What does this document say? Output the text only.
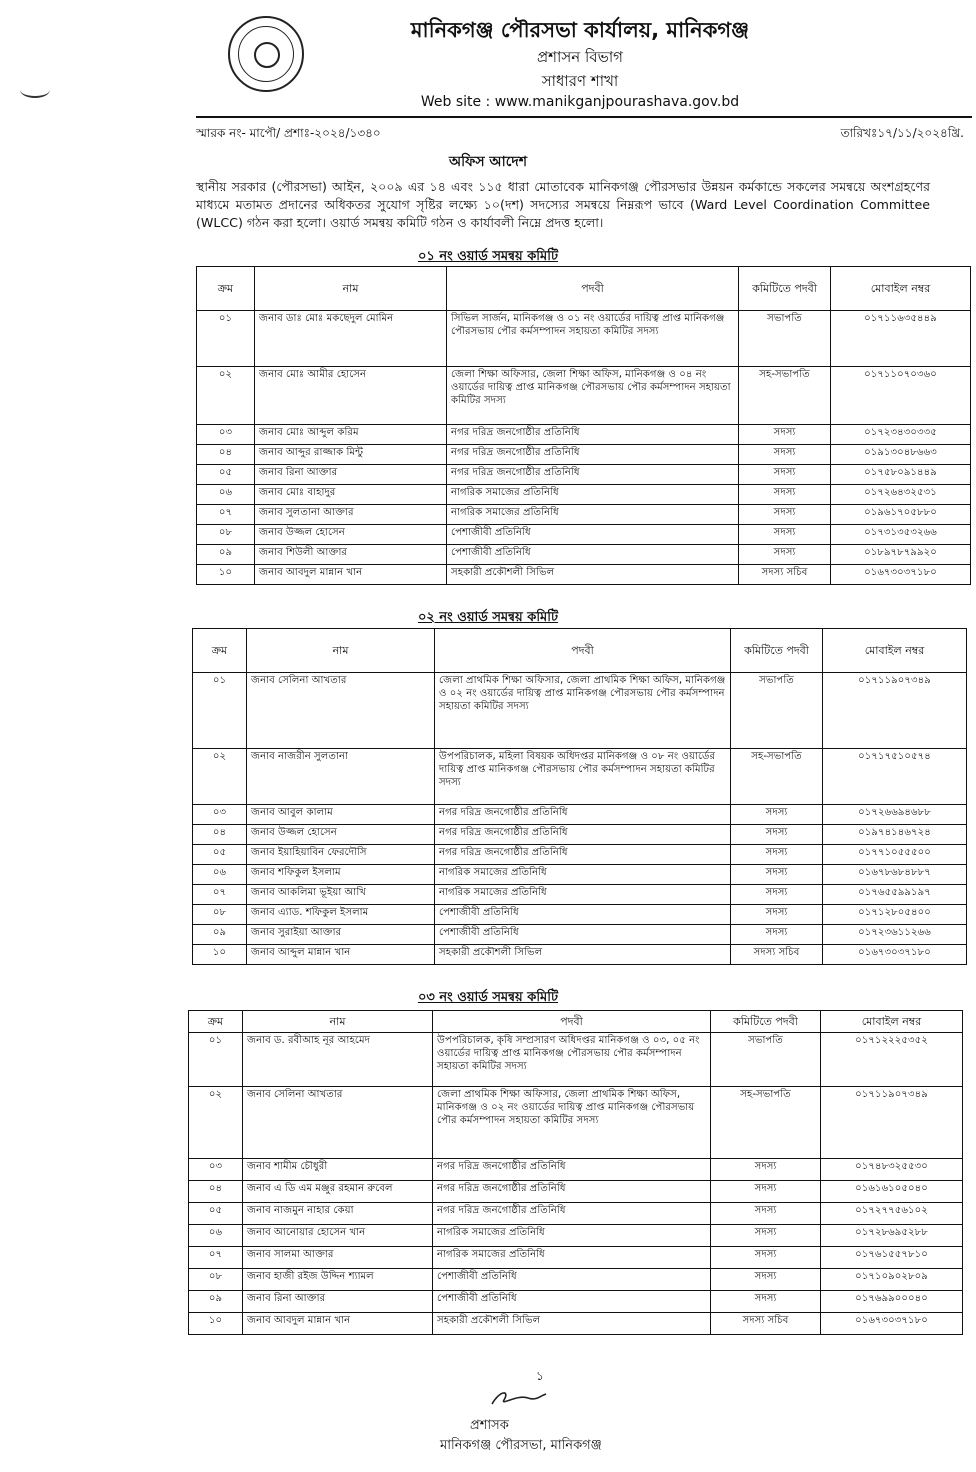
মানিকগঞ্জ পৌরসভা কার্যালয়, মানিকগঞ্জ
প্রশাসন বিভাগ
সাধারণ শাখা
Web site : www.manikganjpourashava.gov.bd
স্মারক নং- মাপৌ/ প্রশাঃ-২০২৪/১৩৪০	তারিখঃ১৭/১১/২০২৪খ্রি.
অফিস আদেশ
স্থানীয় সরকার (পৌরসভা) আইন, ২০০৯ এর ১৪ এবং ১১৫ ধারা মোতাবেক মানিকগঞ্জ পৌরসভার উন্নয়ন কর্মকান্ডে সকলের সমন্বয়ে অংশগ্রহণের মাধ্যমে মতামত প্রদানের অধিকতর সুযোগ সৃষ্টির লক্ষ্যে ১০(দশ) সদস্যের সমন্বয়ে নিম্নরূপ ভাবে (Ward Level Coordination Committee (WLCC) গঠন করা হলো। ওয়ার্ড সমন্বয় কমিটি গঠন ও কার্যাবলী নিম্নে প্রদত্ত হলো।
০১ নং ওয়ার্ড সমন্বয় কমিটি
ক্রম	নাম	পদবী	কমিটিতে পদবী	মোবাইল নম্বর
০১	জনাব ডাঃ মোঃ মকছেদুল মোমিন	সিভিল সার্জন, মানিকগঞ্জ ও ০১ নং ওয়ার্ডের দায়িত্ব প্রাপ্ত মানিকগঞ্জ পৌরসভায় পৌর কর্মসম্পাদন সহায়তা কমিটির সদস্য	সভাপতি	০১৭১১৬৩৫৪৪৯
০২	জনাব মোঃ আমীর হোসেন	জেলা শিক্ষা অফিসার, জেলা শিক্ষা অফিস, মানিকগঞ্জ ও ০৪ নং ওয়ার্ডের দায়িত্ব প্রাপ্ত মানিকগঞ্জ পৌরসভায় পৌর কর্মসম্পাদন সহায়তা কমিটির সদস্য	সহ-সভাপতি	০১৭১১০৭০৩৬০
০৩	জনাব মোঃ আব্দুল করিম	নগর দরিদ্র জনগোষ্ঠীর প্রতিনিধি	সদস্য	০১৭২৩৪৩০৩৩৫
০৪	জনাব আব্দুর রাজ্জাক মিন্টু	নগর দরিদ্র জনগোষ্ঠীর প্রতিনিধি	সদস্য	০১৯১৩০৪৮৬৬৩
০৫	জনাব রিনা আক্তার	নগর দরিদ্র জনগোষ্ঠীর প্রতিনিধি	সদস্য	০১৭৫৮০৯১৪৪৯
০৬	জনাব মোঃ বাহাদুর	নাগরিক সমাজের প্রতিনিধি	সদস্য	০১৭২৬৪৩২৫৩১
০৭	জনাব সুলতানা আক্তার	নাগরিক সমাজের প্রতিনিধি	সদস্য	০১৯৬১৭০৫৮৮০
০৮	জনাব উজ্জল হোসেন	পেশাজীবী প্রতিনিধি	সদস্য	০১৭৩১৩৫৩২৬৬
০৯	জনাব শিউলী আক্তার	পেশাজীবী প্রতিনিধি	সদস্য	০১৮৯৭৮৭৯৯২০
১০	জনাব আবদুল মান্নান খান	সহকারী প্রকৌশলী সিভিল	সদস্য সচিব	০১৬৭৩০৩৭১৮০
০২ নং ওয়ার্ড সমন্বয় কমিটি
ক্রম	নাম	পদবী	কমিটিতে পদবী	মোবাইল নম্বর
০১	জনাব সেলিনা আখতার	জেলা প্রাথমিক শিক্ষা অফিসার, জেলা প্রাথমিক শিক্ষা অফিস, মানিকগঞ্জ ও ০২ নং ওয়ার্ডের দায়িত্ব প্রাপ্ত মানিকগঞ্জ পৌরসভায় পৌর কর্মসম্পাদন সহায়তা কমিটির সদস্য	সভাপতি	০১৭১১৯০৭৩৪৯
০২	জনাব নাজরীন সুলতানা	উপপরিচালক, মহিলা বিষয়ক অধিদপ্তর মানিকগঞ্জ ও ০৮ নং ওয়ার্ডের দায়িত্ব প্রাপ্ত মানিকগঞ্জ পৌরসভায় পৌর কর্মসম্পাদন সহায়তা কমিটির সদস্য	সহ-সভাপতি	০১৭১৭৫১০৫৭৪
০৩	জনাব আবুল কালাম	নগর দরিদ্র জনগোষ্ঠীর প্রতিনিধি	সদস্য	০১৭২৬৬৯৪৬৮৮
০৪	জনাব উজ্জল হোসেন	নগর দরিদ্র জনগোষ্ঠীর প্রতিনিধি	সদস্য	০১৯৭৪১৪৬৭২৪
০৫	জনাব ইয়াহিয়াবিন ফেরদৌসি	নগর দরিদ্র জনগোষ্ঠীর প্রতিনিধি	সদস্য	০১৭৭১০৫৫৫০০
০৬	জনাব শফিকুল ইসলাম	নাগরিক সমাজের প্রতিনিধি	সদস্য	০১৬৭৮৬৮৪৮৮৭
০৭	জনাব আকলিমা ভূইয়া আখি	নাগরিক সমাজের প্রতিনিধি	সদস্য	০১৭৬৫৫৯৯১৯৭
০৮	জনাব এ্যাড. শফিকুল ইসলাম	পেশাজীবী প্রতিনিধি	সদস্য	০১৭১২৮০৫৪০০
০৯	জনাব সুরাইয়া আক্তার	পেশাজীবী প্রতিনিধি	সদস্য	০১৭২৩৬১১২৬৬
১০	জনাব আব্দুল মান্নান খান	সহকারী প্রকৌশলী সিভিল	সদস্য সচিব	০১৬৭৩০৩৭১৮০
০৩ নং ওয়ার্ড সমন্বয় কমিটি
ক্রম	নাম	পদবী	কমিটিতে পদবী	মোবাইল নম্বর
০১	জনাব ড. রবীআহ নূর আহমেদ	উপপরিচালক, কৃষি সম্প্রসারণ অধিদপ্তর মানিকগঞ্জ ও ০৩, ০৫ নং ওয়ার্ডের দায়িত্ব প্রাপ্ত মানিকগঞ্জ পৌরসভায় পৌর কর্মসম্পাদন সহায়তা কমিটির সদস্য	সভাপতি	০১৭১২২২৫৩৫২
০২	জনাব সেলিনা আখতার	জেলা প্রাথমিক শিক্ষা অফিসার, জেলা প্রাথমিক শিক্ষা অফিস, মানিকগঞ্জ ও ০২ নং ওয়ার্ডের দায়িত্ব প্রাপ্ত মানিকগঞ্জ পৌরসভায় পৌর কর্মসম্পাদন সহায়তা কমিটির সদস্য	সহ-সভাপতি	০১৭১১৯০৭৩৪৯
০৩	জনাব শামীম চৌধুরী	নগর দরিদ্র জনগোষ্ঠীর প্রতিনিধি	সদস্য	০১৭৪৮৩২৫৫৩০
০৪	জনাব এ ডি এম মঞ্জুর রহমান রুবেল	নগর দরিদ্র জনগোষ্ঠীর প্রতিনিধি	সদস্য	০১৬১৬১০৫০৪০
০৫	জনাব নাজমুন নাহার কেয়া	নগর দরিদ্র জনগোষ্ঠীর প্রতিনিধি	সদস্য	০১৭২৭৭৫৬১০২
০৬	জনাব আনোয়ার হোসেন খান	নাগরিক সমাজের প্রতিনিধি	সদস্য	০১৭২৮৬৯৫২৮৮
০৭	জনাব সালমা আক্তার	নাগরিক সমাজের প্রতিনিধি	সদস্য	০১৭৬১৫৫৭৮১০
০৮	জনাব হাজী রইজ উদ্দিন শ্যামল	পেশাজীবী প্রতিনিধি	সদস্য	০১৭১০৯০২৮০৯
০৯	জনাব রিনা আক্তার	পেশাজীবী প্রতিনিধি	সদস্য	০১৭৬৯৯০০০৪০
১০	জনাব আবদুল মান্নান খান	সহকারী প্রকৌশলী সিভিল	সদস্য সচিব	০১৬৭৩০৩৭১৮০
১
প্রশাসক
মানিকগঞ্জ পৌরসভা, মানিকগঞ্জ
